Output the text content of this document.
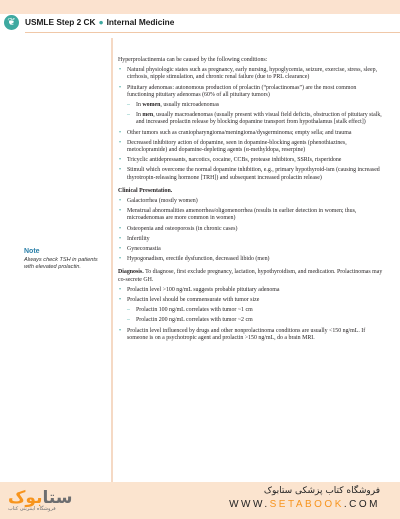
❦	USMLE Step 2 CK ● Internal Medicine
Note
Always check TSH in patients with elevated prolactin.

Hyperprolactinemia can be caused by the following conditions:

• Natural physiologic states such as pregnancy, early nursing, hypoglycemia, seizure, exercise, stress, sleep, cirrhosis, nipple stimulation, and chronic renal failure (due to PRL clearance)
• Pituitary adenomas: autonomous production of prolactin (“prolactinomas”) are the most common functioning pituitary adenomas (60% of all pituitary tumors)
– In women, usually microadenomas
– In men, usually macroadenomas (usually present with visual field deficits, obstruction of pituitary stalk, and increased prolactin release by blocking dopamine transport from hypothalamus [stalk effect])
• Other tumors such as craniopharyngioma/meningioma/dysgerminoma; empty sella; and trauma
• Decreased inhibitory action of dopamine, seen in dopamine-blocking agents (phenothiazines, metoclopramide) and dopamine-depleting agents (α-methyldopa, reserpine)
• Tricyclic antidepressants, narcotics, cocaine, CCBs, protease inhibitors, SSRIs, risperidone
• Stimuli which overcome the normal dopamine inhibition, e.g., primary hypothyroid-ism (causing increased thyrotropin-releasing hormone [TRH]) and subsequent increased prolactin release)

Clinical Presentation.

• Galactorrhea (mostly women)
• Menstrual abnormalities amenorrhea/oligomenorrhea (results in earlier detection in women; thus, microadenomas are more common in women)
• Osteopenia and osteoporosis (in chronic cases)
• Infertility
• Gynecomastia
• Hypogonadism, erectile dysfunction, decreased libido (men)

Diagnosis. To diagnose, first exclude pregnancy, lactation, hypothyroidism, and medication. Prolactinomas may co-secrete GH.

• Prolactin level >100 ng/mL suggests probable pituitary adenoma
• Prolactin level should be commensurate with tumor size
– Prolactin 100 ng/mL correlates with tumor ~1 cm
– Prolactin 200 ng/mL correlates with tumor ~2 cm
• Prolactin level influenced by drugs and other nonprolactinoma conditions are usually <150 ng/mL. If someone is on a psychotropic agent and prolactin >150 ng/mL, do a brain MRI.
ستابوک
فروشگاه اینترنتی کتاب
فروشگاه کتاب پزشکی ستابوک
WWW.SETABOOK.COM
